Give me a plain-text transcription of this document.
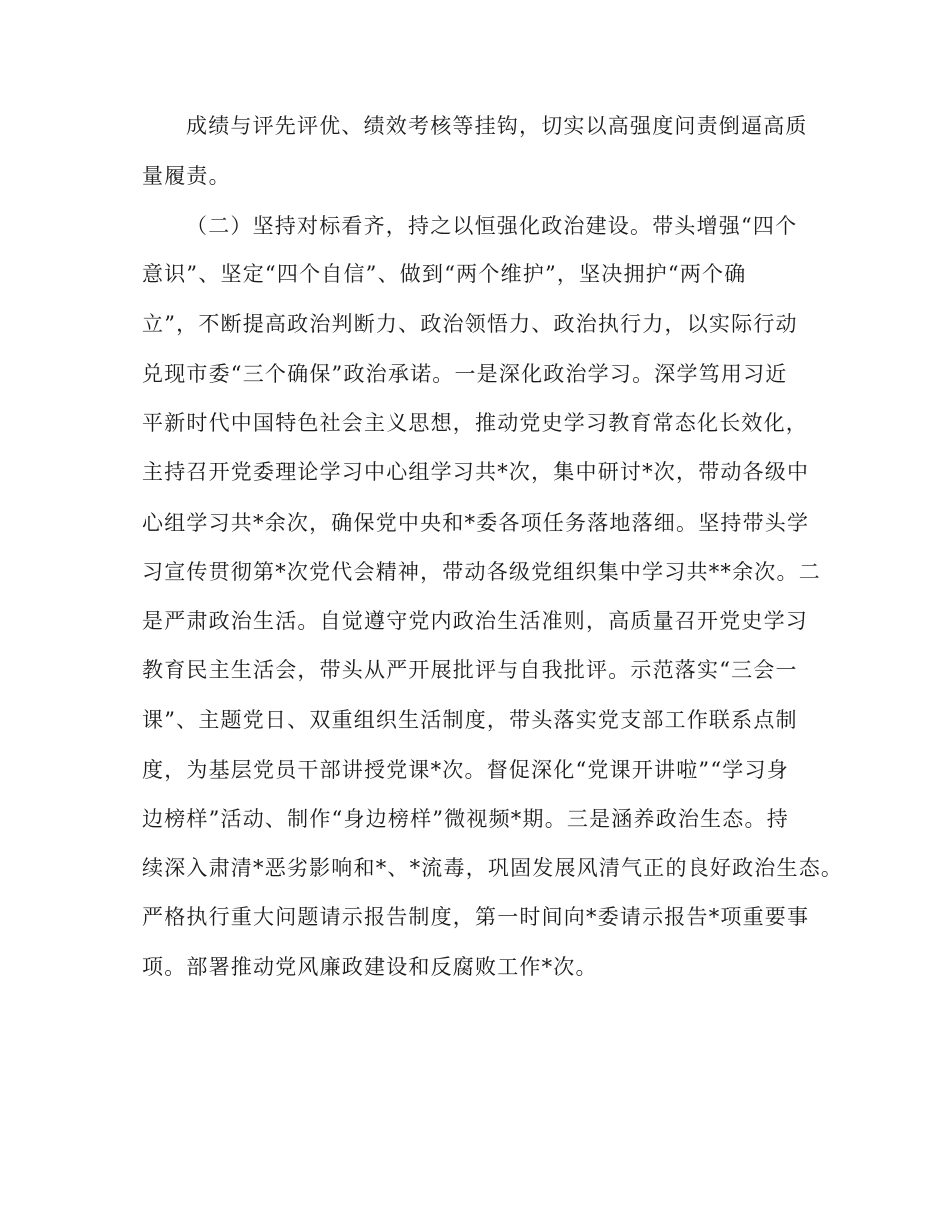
成绩与评先评优、绩效考核等挂钩，切实以高强度问责倒逼高质
量履责。
（二）坚持对标看齐，持之以恒强化政治建设。带头增强“四个
意识”、坚定“四个自信”、做到“两个维护”，坚决拥护“两个确
立”，不断提高政治判断力、政治领悟力、政治执行力，以实际行动
兑现市委“三个确保”政治承诺。一是深化政治学习。深学笃用习近
平新时代中国特色社会主义思想，推动党史学习教育常态化长效化，
主持召开党委理论学习中心组学习共*次，集中研讨*次，带动各级中
心组学习共*余次，确保党中央和*委各项任务落地落细。坚持带头学
习宣传贯彻第*次党代会精神，带动各级党组织集中学习共**余次。二
是严肃政治生活。自觉遵守党内政治生活准则，高质量召开党史学习
教育民主生活会，带头从严开展批评与自我批评。示范落实“三会一
课”、主题党日、双重组织生活制度，带头落实党支部工作联系点制
度，为基层党员干部讲授党课*次。督促深化“党课开讲啦”“学习身
边榜样”活动、制作“身边榜样”微视频*期。三是涵养政治生态。持
续深入肃清*恶劣影响和*、*流毒，巩固发展风清气正的良好政治生态。
严格执行重大问题请示报告制度，第一时间向*委请示报告*项重要事
项。部署推动党风廉政建设和反腐败工作*次。
